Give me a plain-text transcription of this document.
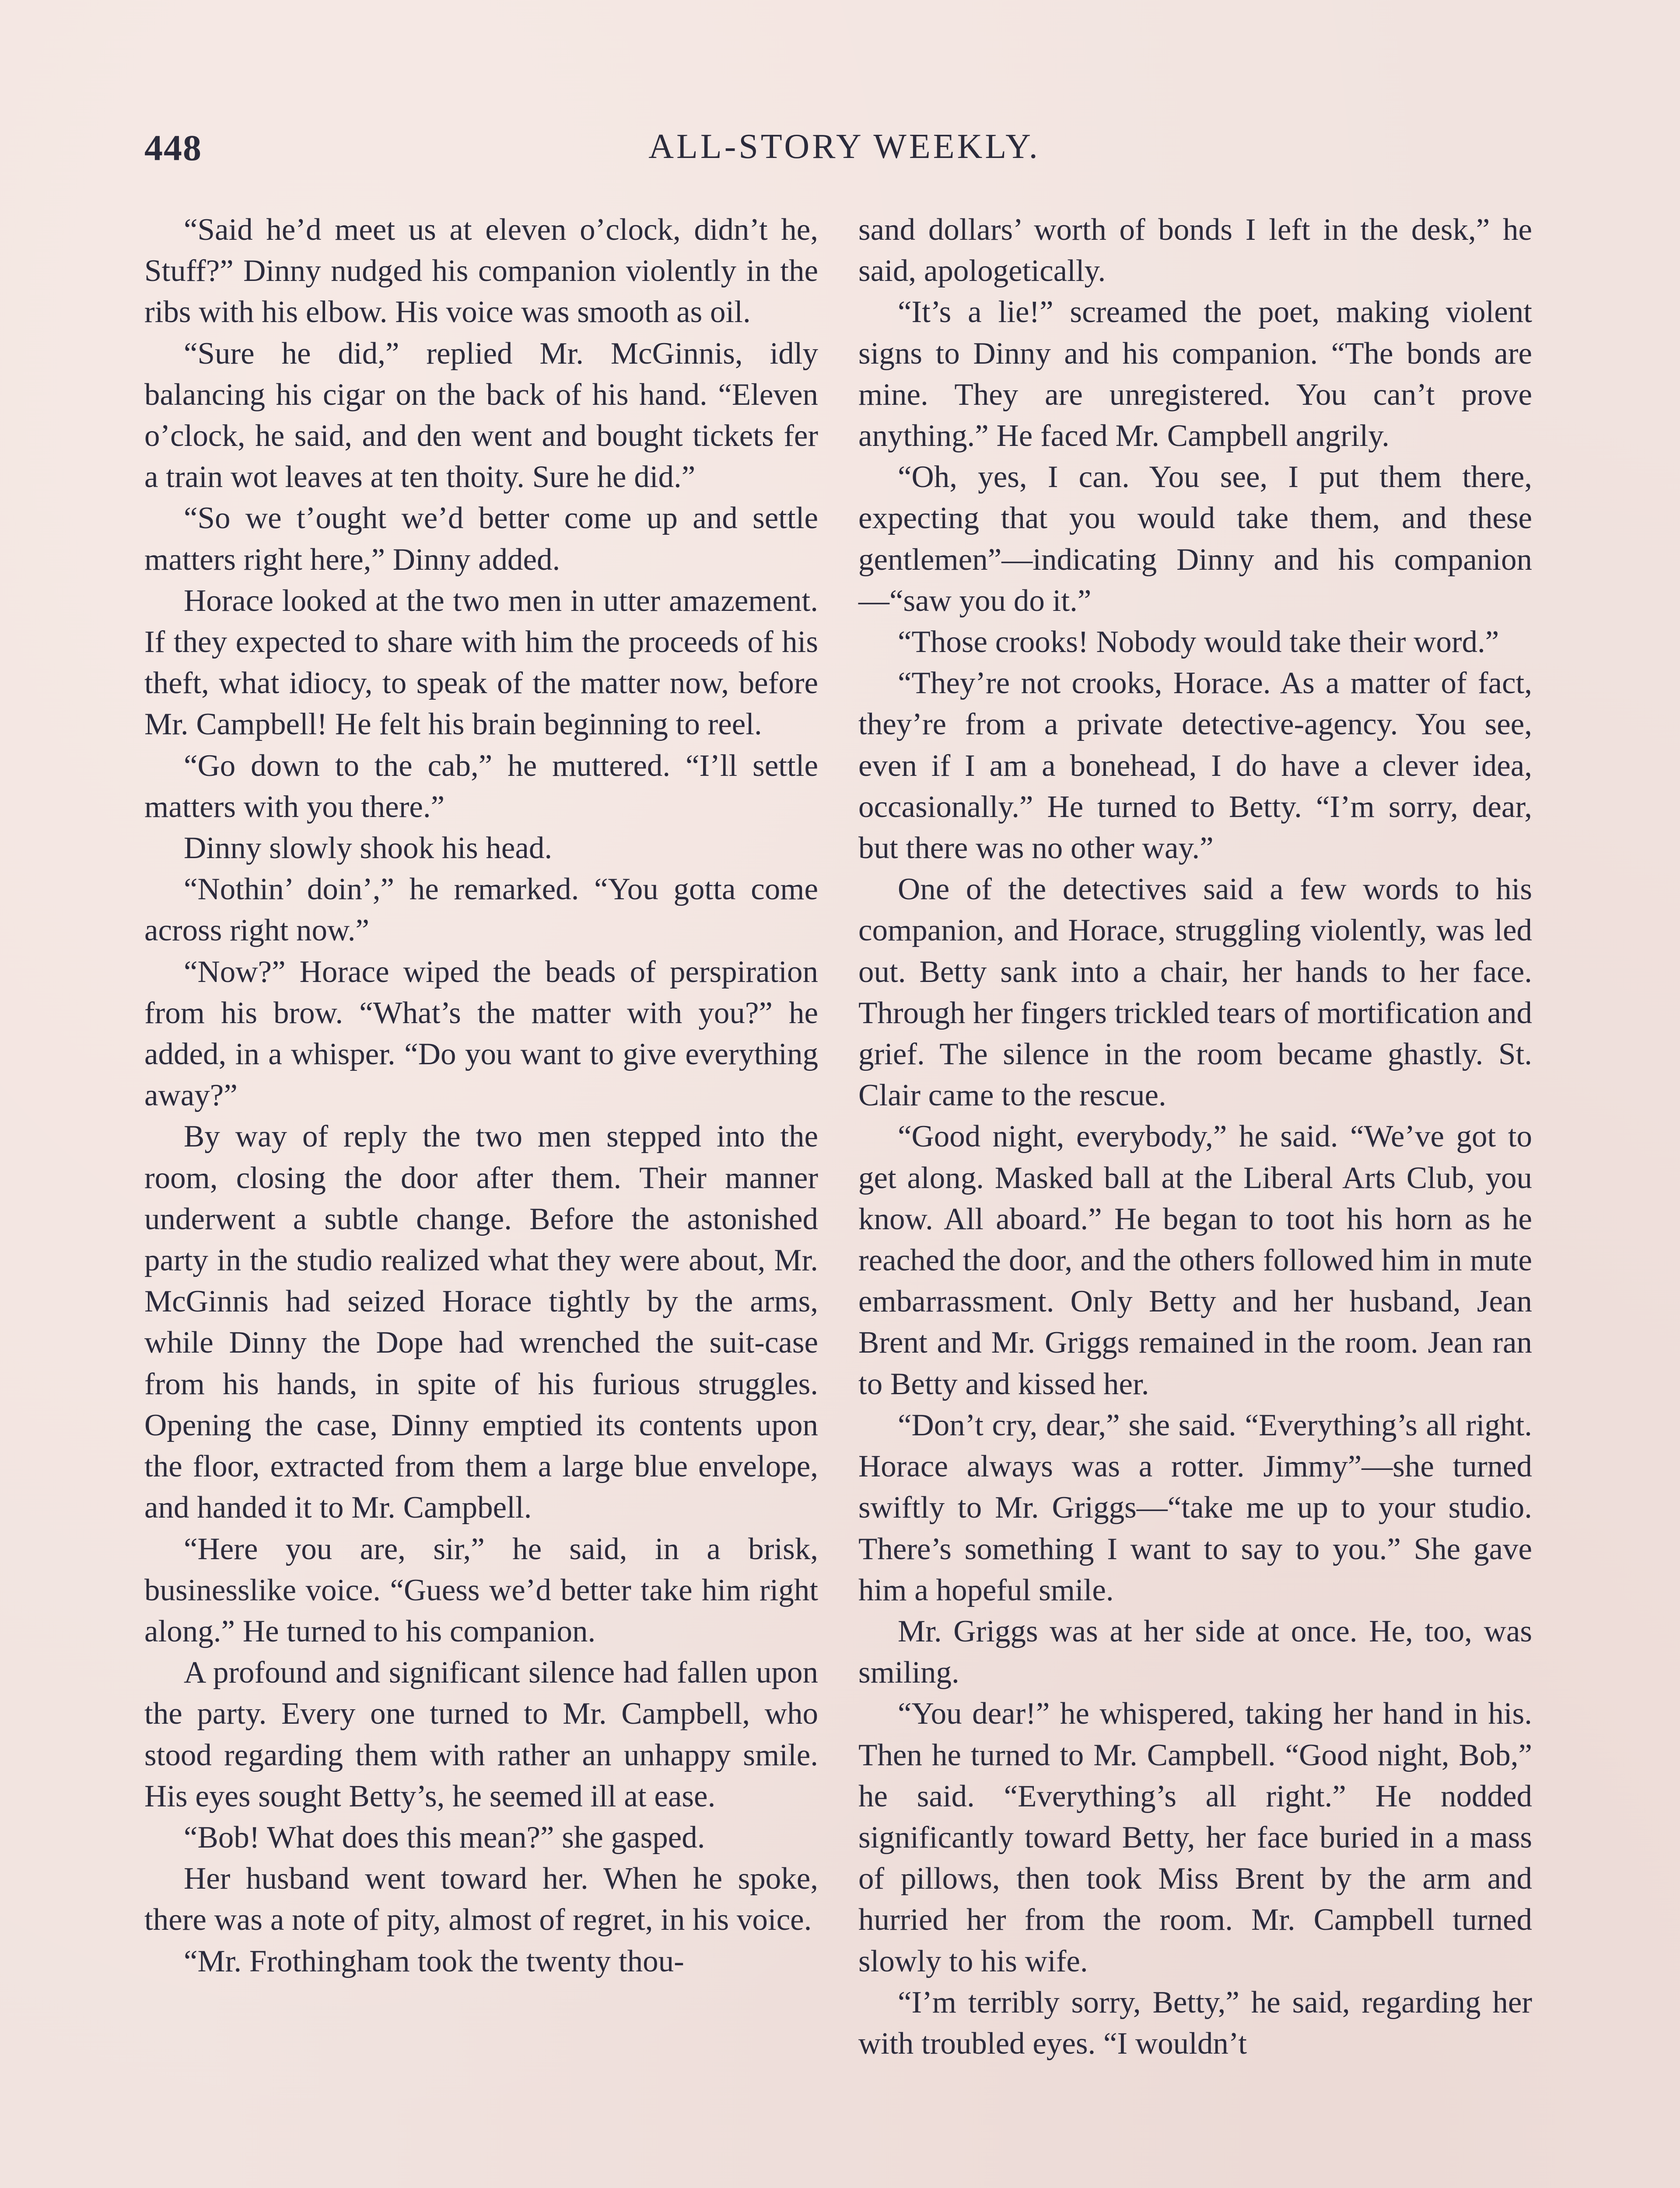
448	ALL-STORY WEEKLY.

“Said he’d meet us at eleven o’clock, didn’t he, Stuff?” Dinny nudged his companion violently in the ribs with his elbow. His voice was smooth as oil.

“Sure he did,” replied Mr. McGinnis, idly balancing his cigar on the back of his hand. “Eleven o’clock, he said, and den went and bought tickets fer a train wot leaves at ten thoity. Sure he did.”

“So we t’ought we’d better come up and settle matters right here,” Dinny added.

Horace looked at the two men in utter amazement. If they expected to share with him the proceeds of his theft, what idiocy, to speak of the matter now, before Mr. Campbell! He felt his brain beginning to reel.

“Go down to the cab,” he muttered. “I’ll settle matters with you there.”

Dinny slowly shook his head.

“Nothin’ doin’,” he remarked. “You gotta come across right now.”

“Now?” Horace wiped the beads of perspiration from his brow. “What’s the matter with you?” he added, in a whisper. “Do you want to give everything away?”

By way of reply the two men stepped into the room, closing the door after them. Their manner underwent a subtle change. Before the astonished party in the studio realized what they were about, Mr. McGinnis had seized Horace tightly by the arms, while Dinny the Dope had wrenched the suit-case from his hands, in spite of his furious struggles. Opening the case, Dinny emptied its contents upon the floor, extracted from them a large blue envelope, and handed it to Mr. Campbell.

“Here you are, sir,” he said, in a brisk, businesslike voice. “Guess we’d better take him right along.” He turned to his companion.

A profound and significant silence had fallen upon the party. Every one turned to Mr. Campbell, who stood regarding them with rather an unhappy smile. His eyes sought Betty’s, he seemed ill at ease.

“Bob! What does this mean?” she gasped.

Her husband went toward her. When he spoke, there was a note of pity, almost of regret, in his voice.

“Mr. Frothingham took the twenty thou-

sand dollars’ worth of bonds I left in the desk,” he said, apologetically.

“It’s a lie!” screamed the poet, making violent signs to Dinny and his companion. “The bonds are mine. They are unregistered. You can’t prove anything.” He faced Mr. Campbell angrily.

“Oh, yes, I can. You see, I put them there, expecting that you would take them, and these gentlemen”—indicating Dinny and his companion—“saw you do it.”

“Those crooks! Nobody would take their word.”

“They’re not crooks, Horace. As a matter of fact, they’re from a private detective-agency. You see, even if I am a bonehead, I do have a clever idea, occasionally.” He turned to Betty. “I’m sorry, dear, but there was no other way.”

One of the detectives said a few words to his companion, and Horace, struggling violently, was led out. Betty sank into a chair, her hands to her face. Through her fingers trickled tears of mortification and grief. The silence in the room became ghastly. St. Clair came to the rescue.

“Good night, everybody,” he said. “We’ve got to get along. Masked ball at the Liberal Arts Club, you know. All aboard.” He began to toot his horn as he reached the door, and the others followed him in mute embarrassment. Only Betty and her husband, Jean Brent and Mr. Griggs remained in the room. Jean ran to Betty and kissed her.

“Don’t cry, dear,” she said. “Everything’s all right. Horace always was a rotter. Jimmy”—she turned swiftly to Mr. Griggs—“take me up to your studio. There’s something I want to say to you.” She gave him a hopeful smile.

Mr. Griggs was at her side at once. He, too, was smiling.

“You dear!” he whispered, taking her hand in his. Then he turned to Mr. Campbell. “Good night, Bob,” he said. “Everything’s all right.” He nodded significantly toward Betty, her face buried in a mass of pillows, then took Miss Brent by the arm and hurried her from the room. Mr. Campbell turned slowly to his wife.

“I’m terribly sorry, Betty,” he said, regarding her with troubled eyes. “I wouldn’t
